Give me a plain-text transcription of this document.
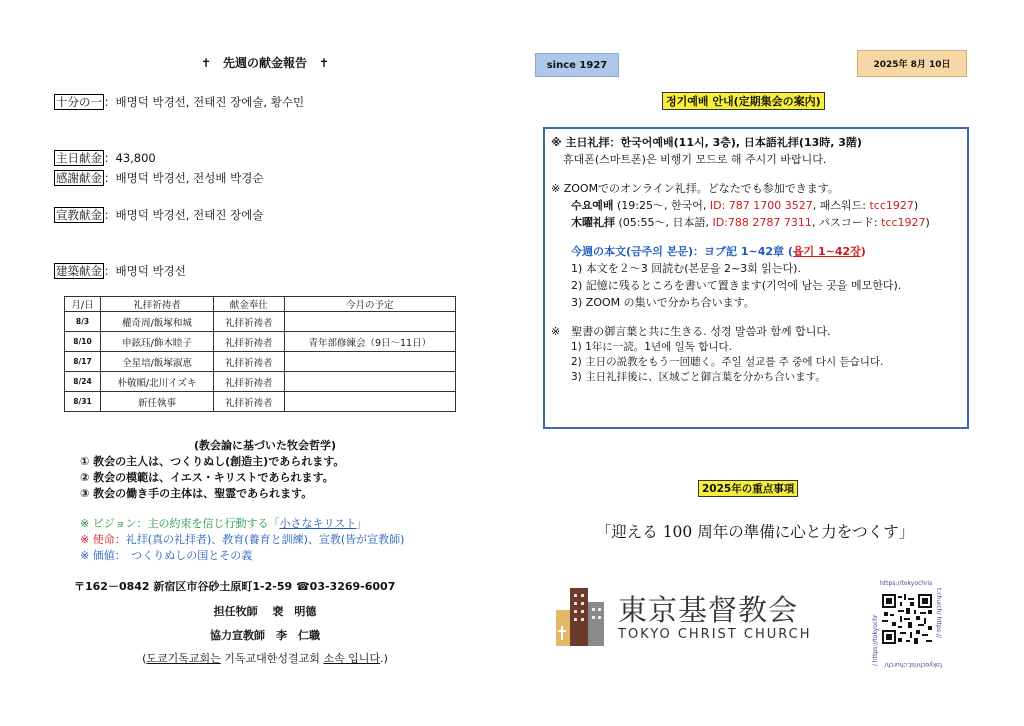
✝　先週の献金報告　✝
十分の一 ：배명덕 박경선, 전태진 장에술, 황수민
主日献金 ：43,800
感謝献金 ：배명덕 박경선, 전성배 박경순
宣教献金 ：배명덕 박경선, 전태진 장에술
建築献金 ：배명덕 박경선
月/日	礼拝祈祷者	献金奉仕	今月の予定
8/3	權奇周/飯塚和城	礼拝祈祷者	
8/10	申鉉珏/飾木睦子	礼拝祈祷者	青年部修練会（9日〜11日）
8/17	全星培/飯塚淑恵	礼拝祈祷者	
8/24	朴敬順/北川イズキ	礼拝祈祷者	
8/31	新任執事	礼拝祈祷者	
(教会論に基づいた牧会哲学)
① 教会の主人は、つくりぬし(創造主)であられます。
② 教会の模範は、イエス・キリストであられます。
③ 教会の働き手の主体は、聖霊であられます。
※ ビジョン：主の約束を信じ行動する「小さなキリスト」
※ 使命：礼拝(真の礼拝者)、教育(養育と訓練)、宣教(皆が宣教師)
※ 価値：　つくりぬしの国とその義
〒162－0842 新宿区市谷砂土原町1-2-59 ☎03-3269-6007
担任牧師　 裵　明德
協力宣教師　李　仁職
(도쿄기독교회는 기독교대한성결교회 소속 입니다.)
since 1927	2025年 8月 10日
정기예배 안내(定期集会の案内)
※ 主日礼拝：한국어예배(11시, 3층), 日本語礼拝(13時, 3階)
휴대폰(스마트폰)은 비행기 모드로 해 주시기 바랍니다.
※ ZOOMでのオンライン礼拝。どなたでも参加できます。
수요예배 (19:25〜, 한국어, ID: 787 1700 3527, 패스워드: tcc1927)
木曜礼拝 (05:55〜, 日本語, ID:788 2787 7311, パスコード: tcc1927)
今週の本文(금주의 본문)：ヨブ記 1~42章 (욥기 1~42장)
1) 本文を２〜3 回読む(본문을 2~3회 읽는다).
2) 記憶に残るところを書いて置きます(기억에 남는 곳을 메모한다).
3) ZOOM の集いで分かち合います。
※　聖書の御言葉と共に生きる. 성경 말씀과 함께 합니다.
1) 1年に一読。1년에 일독 합니다.
2) 主日の説教をもう一回聴く。주일 설교를 주 중에 다시 듣습니다.
3) 主日礼拝後に、区域ごと御言葉を分かち合います。
2025年の重点事項
「迎える 100 周年の準備に心と力をつくす」
東京基督教会
TOKYO CHRIST CHURCH
https://tokyochris
t.church/ https://
tokyochrist.church/
/ https://tokyochr
